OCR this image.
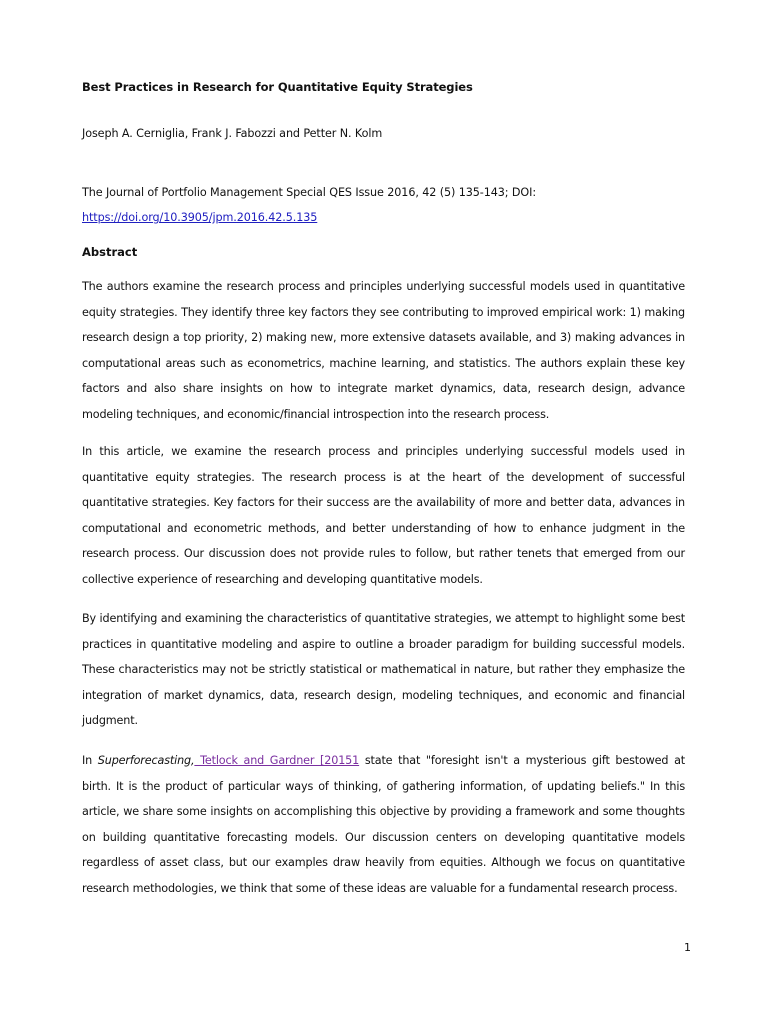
Best Practices in Research for Quantitative Equity Strategies
Joseph A. Cerniglia, Frank J. Fabozzi and Petter N. Kolm
The Journal of Portfolio Management Special QES Issue 2016, 42 (5) 135-143; DOI:
https://doi.org/10.3905/jpm.2016.42.5.135
Abstract

The authors examine the research process and principles underlying successful models used in quantitative equity strategies. They identify three key factors they see contributing to improved empirical work: 1) making research design a top priority, 2) making new, more extensive datasets available, and 3) making advances in computational areas such as econometrics, machine learning, and statistics. The authors explain these key factors and also share insights on how to integrate market dynamics, data, research design, advance modeling techniques, and economic/financial introspection into the research process.

In this article, we examine the research process and principles underlying successful models used in quantitative equity strategies. The research process is at the heart of the development of successful quantitative strategies. Key factors for their success are the availability of more and better data, advances in computational and econometric methods, and better understanding of how to enhance judgment in the research process. Our discussion does not provide rules to follow, but rather tenets that emerged from our collective experience of researching and developing quantitative models.

By identifying and examining the characteristics of quantitative strategies, we attempt to highlight some best practices in quantitative modeling and aspire to outline a broader paradigm for building successful models. These characteristics may not be strictly statistical or mathematical in nature, but rather they emphasize the integration of market dynamics, data, research design, modeling techniques, and economic and financial judgment.

In Superforecasting, Tetlock and Gardner [20151 state that "foresight isn't a mysterious gift bestowed at birth. It is the product of particular ways of thinking, of gathering information, of updating beliefs." In this article, we share some insights on accomplishing this objective by providing a framework and some thoughts on building quantitative forecasting models. Our discussion centers on developing quantitative models regardless of asset class, but our examples draw heavily from equities. Although we focus on quantitative research methodologies, we think that some of these ideas are valuable for a fundamental research process.

1
